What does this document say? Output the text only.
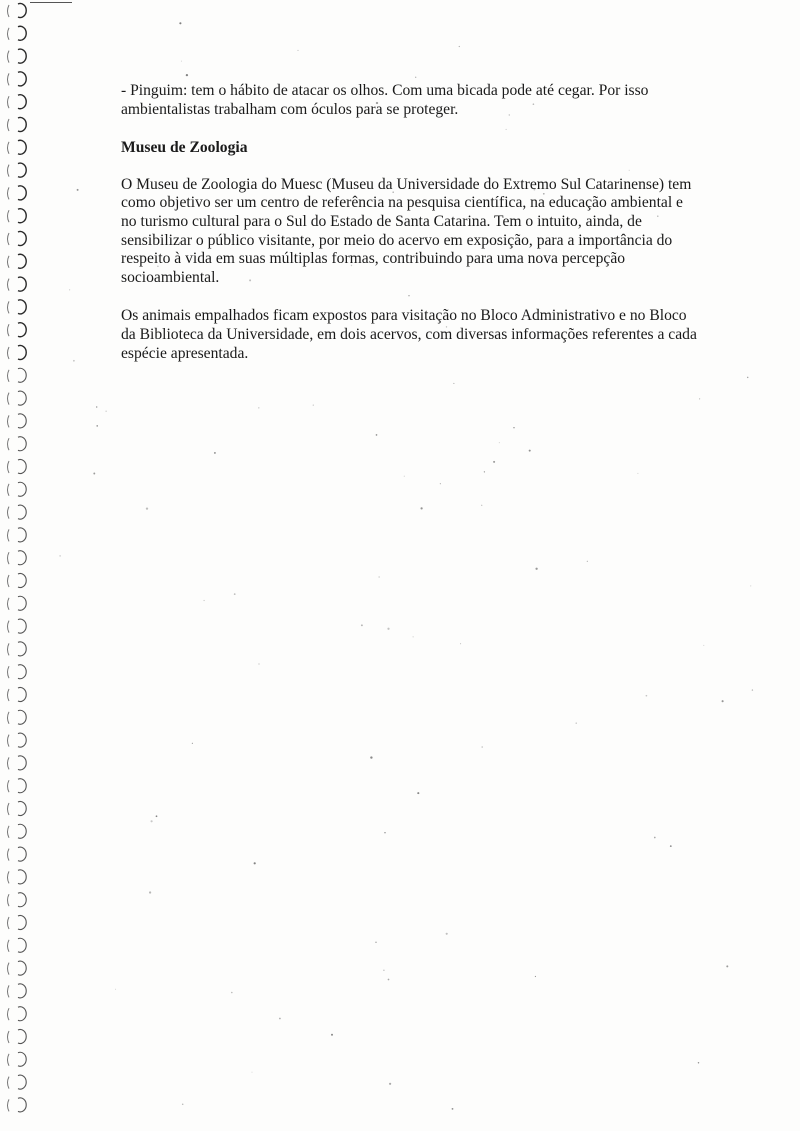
- Pinguim: tem o hábito de atacar os olhos. Com uma bicada pode até cegar. Por isso ambientalistas trabalham com óculos para se proteger.

Museu de Zoologia

O Museu de Zoologia do Muesc (Museu da Universidade do Extremo Sul Catarinense) tem como objetivo ser um centro de referência na pesquisa científica, na educação ambiental e no turismo cultural para o Sul do Estado de Santa Catarina. Tem o intuito, ainda, de sensibilizar o público visitante, por meio do acervo em exposição, para a importância do respeito à vida em suas múltiplas formas, contribuindo para uma nova percepção socioambiental.

Os animais empalhados ficam expostos para visitação no Bloco Administrativo e no Bloco da Biblioteca da Universidade, em dois acervos, com diversas informações referentes a cada espécie apresentada.
